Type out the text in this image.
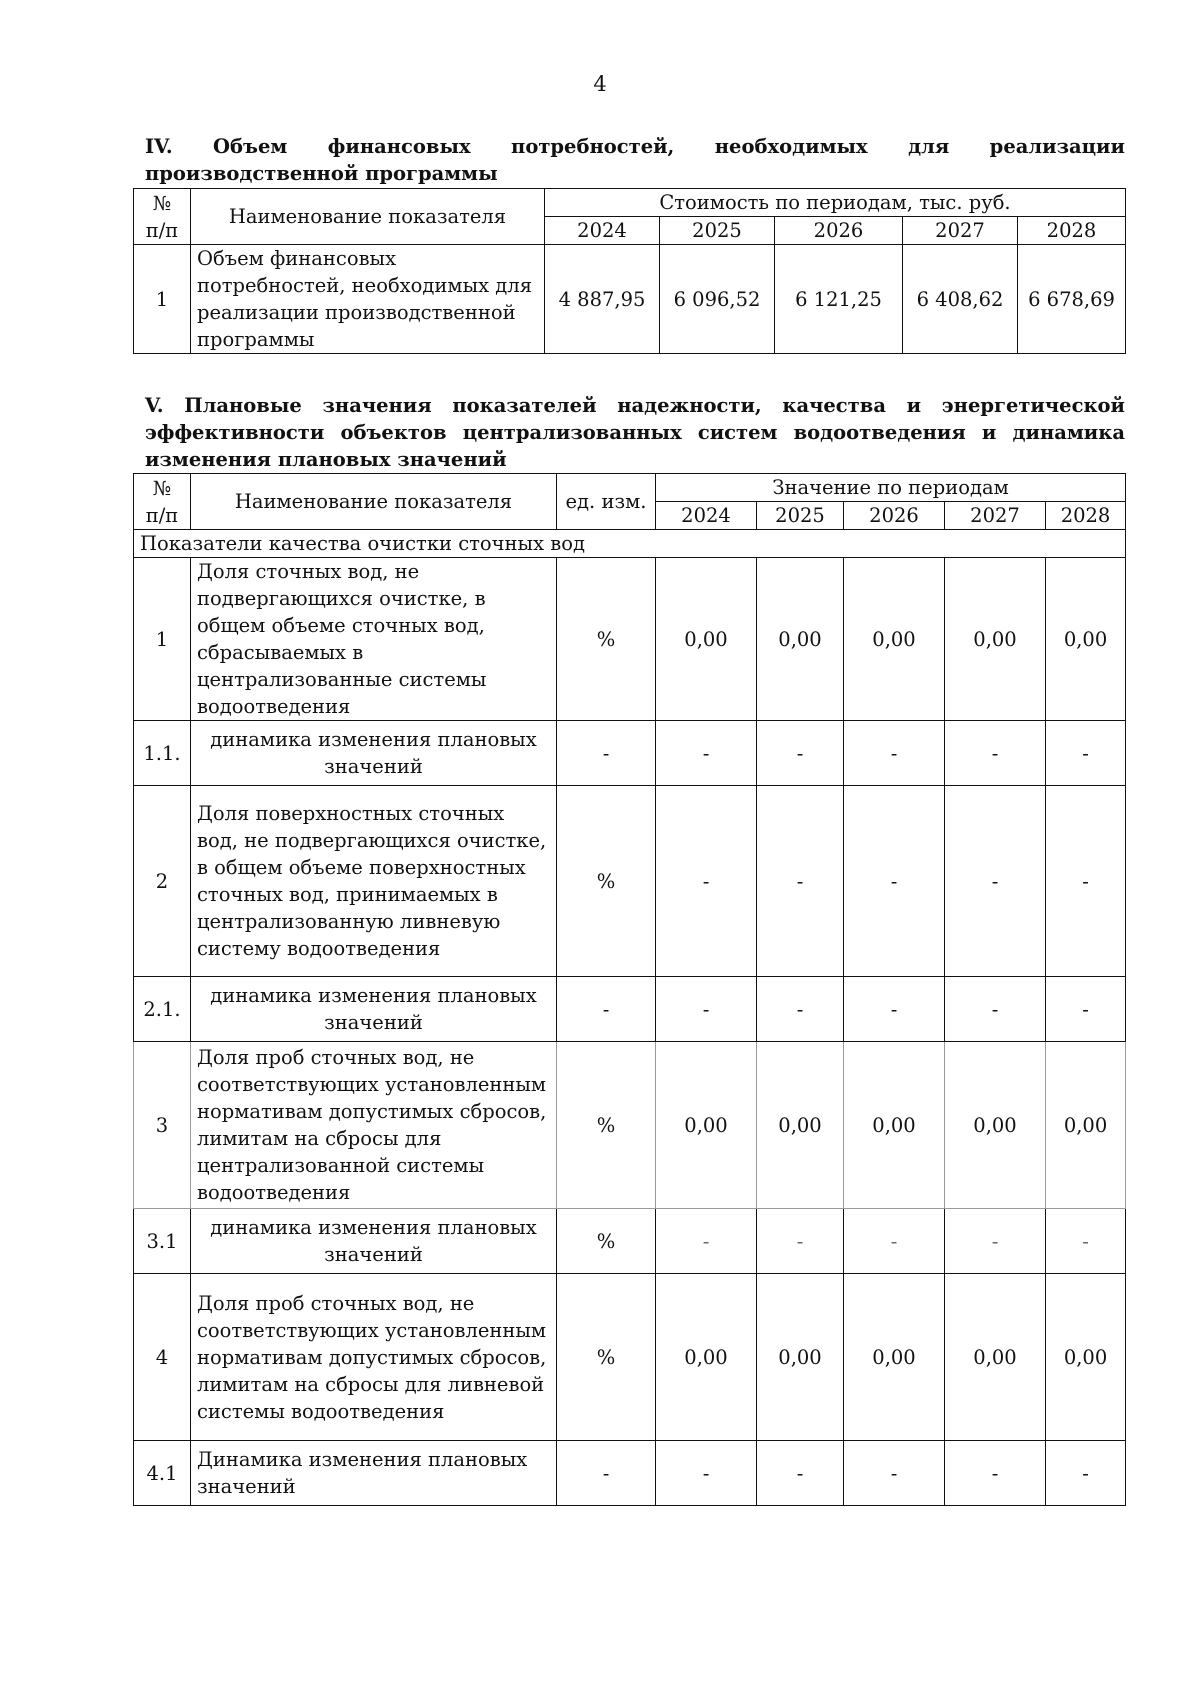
4
IV. Объем финансовых потребностей, необходимых для реализации производственной программы
№ п/п	Наименование показателя	Стоимость по периодам, тыс. руб.				
		2024	2025	2026	2027	2028
1	Объем финансовых потребностей, необходимых для реализации производственной программы	4 887,95	6 096,52	6 121,25	6 408,62	6 678,69
V. Плановые значения показателей надежности, качества и энергетической эффективности объектов централизованных систем водоотведения и динамика изменения плановых значений
№ п/п	Наименование показателя	ед. изм.	Значение по периодам				
			2024	2025	2026	2027	2028
Показатели качества очистки сточных вод							
1	Доля сточных вод, не подвергающихся очистке, в общем объеме сточных вод, сбрасываемых в централизованные системы водоотведения	%	0,00	0,00	0,00	0,00	0,00
1.1.	динамика изменения плановых значений	-	-	-	-	-	-
2	Доля поверхностных сточных вод, не подвергающихся очистке, в общем объеме поверхностных сточных вод, принимаемых в централизованную ливневую систему водоотведения	%	-	-	-	-	-
2.1.	динамика изменения плановых значений	-	-	-	-	-	-
3	Доля проб сточных вод, не соответствующих установленным нормативам допустимых сбросов, лимитам на сбросы для централизованной системы водоотведения	%	0,00	0,00	0,00	0,00	0,00
3.1	динамика изменения плановых значений	%	-	-	-	-	-
4	Доля проб сточных вод, не соответствующих установленным нормативам допустимых сбросов, лимитам на сбросы для ливневой системы водоотведения	%	0,00	0,00	0,00	0,00	0,00
4.1	Динамика изменения плановых значений	-	-	-	-	-	-
